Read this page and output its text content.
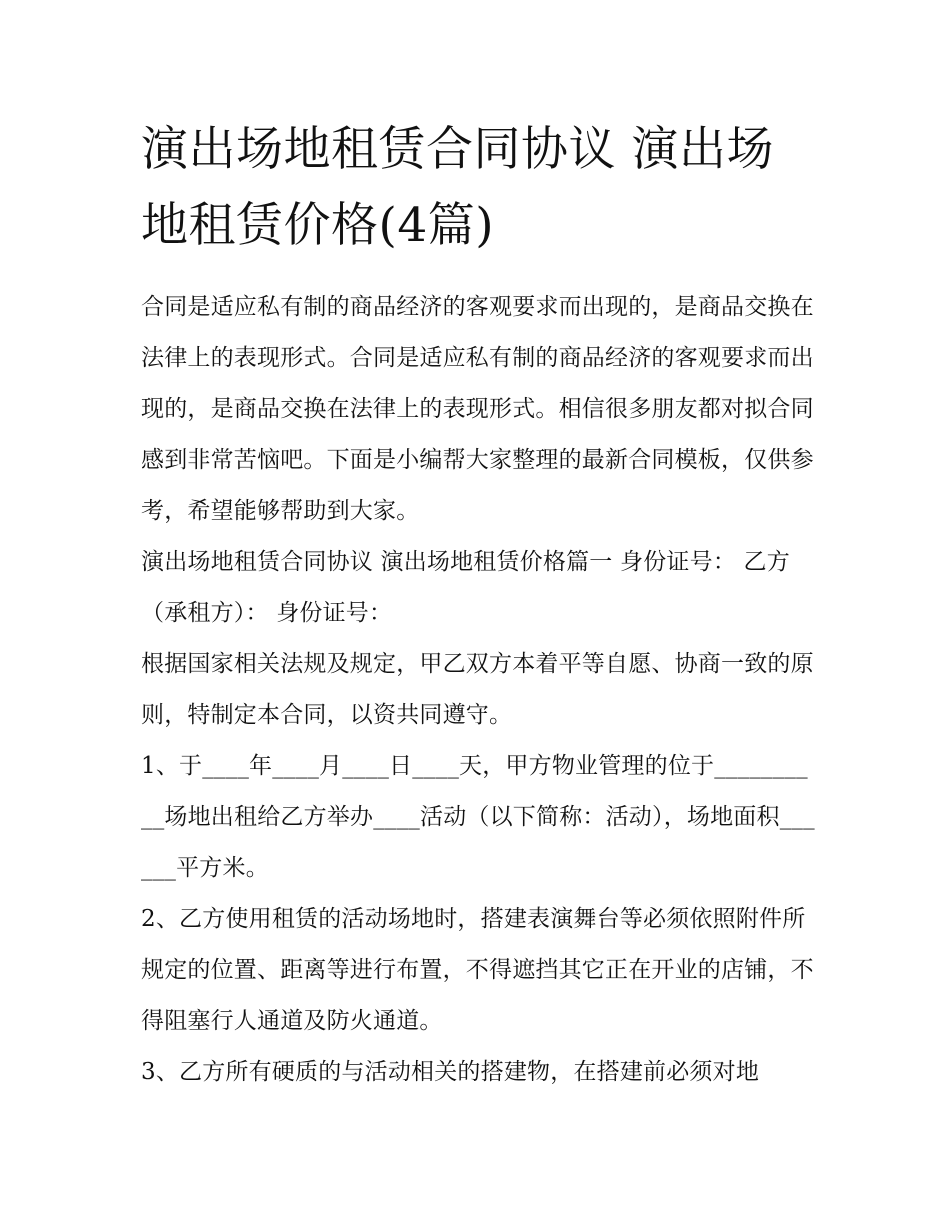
演出场地租赁合同协议 演出场地租赁价格(4篇)

合同是适应私有制的商品经济的客观要求而出现的，是商品交换在法律上的表现形式。合同是适应私有制的商品经济的客观要求而出现的，是商品交换在法律上的表现形式。相信很多朋友都对拟合同感到非常苦恼吧。下面是小编帮大家整理的最新合同模板，仅供参考，希望能够帮助到大家。

演出场地租赁合同协议 演出场地租赁价格篇一 身份证号： 乙方（承租方）： 身份证号：

根据国家相关法规及规定，甲乙双方本着平等自愿、协商一致的原则，特制定本合同，以资共同遵守。

1、于____年____月____日____天，甲方物业管理的位于__________场地出租给乙方举办____活动（以下简称：活动），场地面积______平方米。

2、乙方使用租赁的活动场地时，搭建表演舞台等必须依照附件所规定的位置、距离等进行布置，不得遮挡其它正在开业的店铺，不得阻塞行人通道及防火通道。

3、乙方所有硬质的与活动相关的搭建物，在搭建前必须对地
